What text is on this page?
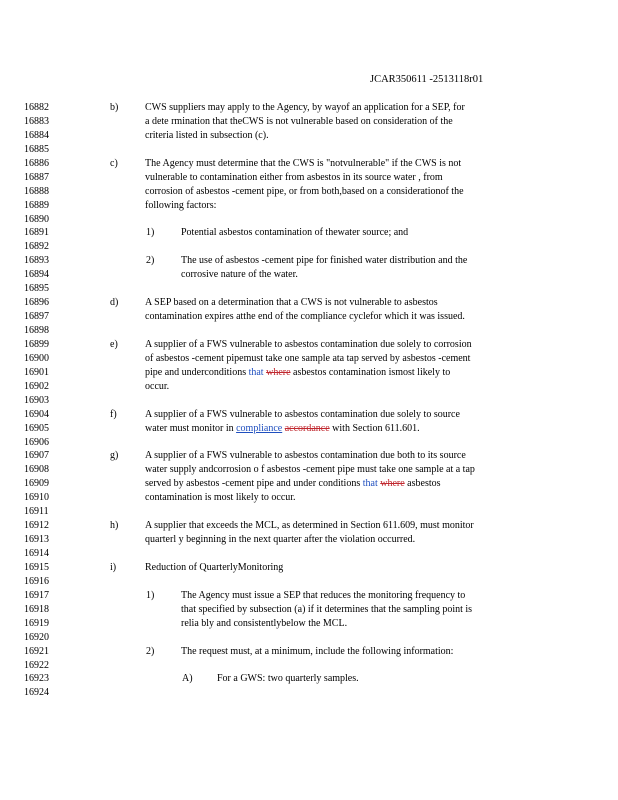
JCAR350611 -2513118r01
16882	b)	CWS suppliers may apply to the Agency, by wayof an application for a SEP, for
16883	a dete rmination that theCWS is not vulnerable based on consideration of the
16884	criteria listed in subsection (c).
16885
16886	c)	The Agency must determine that the CWS is "notvulnerable" if the CWS is not
16887	vulnerable to contamination either from asbestos in its source water , from
16888	corrosion of asbestos -cement pipe, or from both,based on a considerationof the
16889	following factors:
16890
16891	1)	Potential asbestos contamination of thewater source; and
16892
16893	2)	The use of asbestos -cement pipe for finished water distribution and the
16894	corrosive nature of the water.
16895
16896	d)	A SEP based on a determination that a CWS is not vulnerable to asbestos
16897	contamination expires atthe end of the compliance cyclefor which it was issued.
16898
16899	e)	A supplier of a FWS vulnerable to asbestos contamination due solely to corrosion
16900	of asbestos -cement pipemust take one sample ata tap served by asbestos -cement
16901	pipe and underconditions that where asbestos contamination ismost likely to
16902	occur.
16903
16904	f)	A supplier of a FWS vulnerable to asbestos contamination due solely to source
16905	water must monitor in compliance accordance with Section 611.601.
16906
16907	g)	A supplier of a FWS vulnerable to asbestos contamination due both to its source
16908	water supply andcorrosion o f asbestos -cement pipe must take one sample at a tap
16909	served by asbestos -cement pipe and under conditions that where asbestos
16910	contamination is most likely to occur.
16911
16912	h)	A supplier that exceeds the MCL, as determined in Section 611.609, must monitor
16913	quarterl y beginning in the next quarter after the violation occurred.
16914
16915	i)	Reduction of QuarterlyMonitoring
16916
16917	1)	The Agency must issue a SEP that reduces the monitoring frequency to
16918	that specified by subsection (a) if it determines that the sampling point is
16919	relia bly and consistentlybelow the MCL.
16920
16921	2)	The request must, at a minimum, include the following information:
16922
16923	A) For a GWS: two quarterly samples.
16924
